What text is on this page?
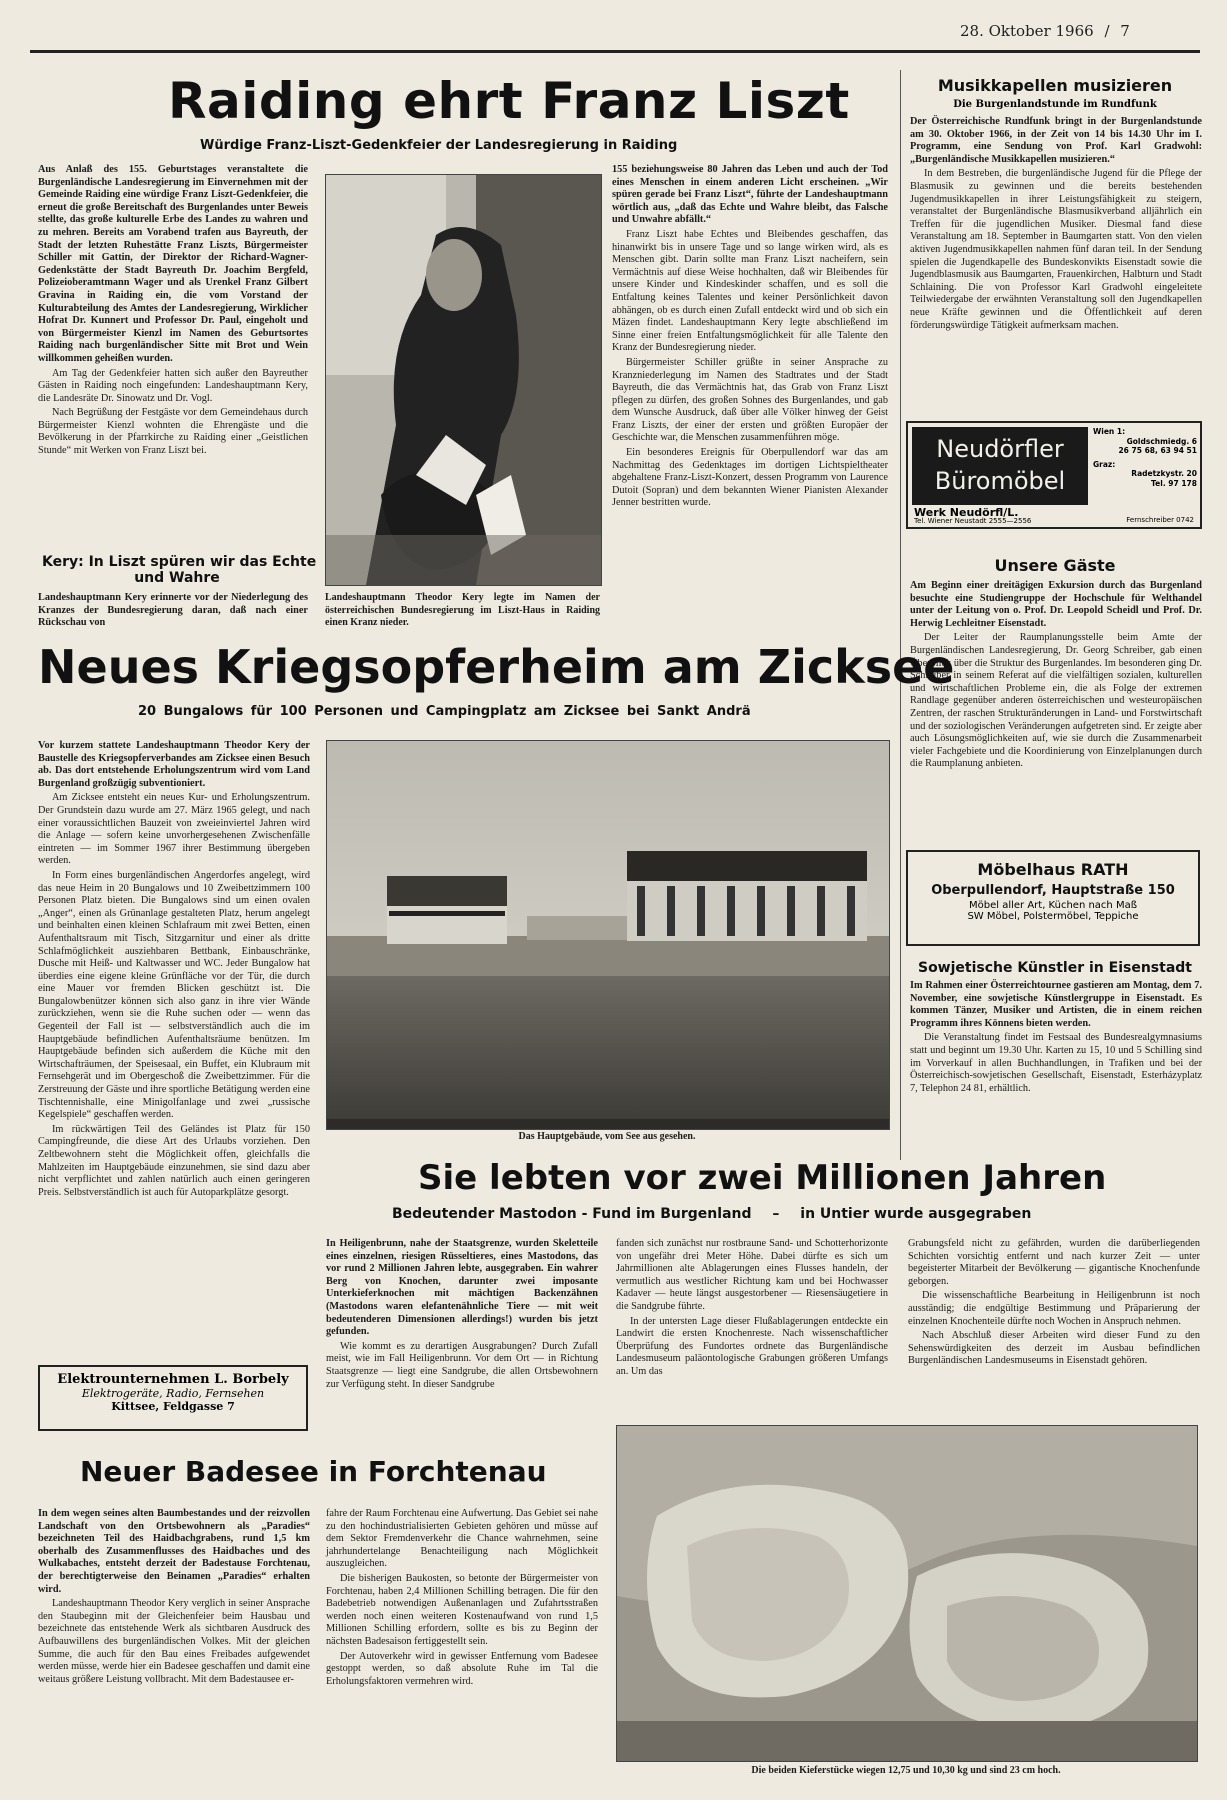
28. Oktober 1966 / 7
Raiding ehrt Franz Liszt
Würdige Franz-Liszt-Gedenkfeier der Landesregierung in Raiding

Aus Anlaß des 155. Geburtstages veranstaltete die Burgenländische Landesregierung im Einvernehmen mit der Gemeinde Raiding eine würdige Franz Liszt-Gedenkfeier, die erneut die große Bereitschaft des Burgenlandes unter Beweis stellte, das große kulturelle Erbe des Landes zu wahren und zu mehren. Bereits am Vorabend trafen aus Bayreuth, der Stadt der letzten Ruhestätte Franz Liszts, Bürgermeister Schiller mit Gattin, der Direktor der Richard-Wagner-Gedenkstätte der Stadt Bayreuth Dr. Joachim Bergfeld, Polizeioberamtmann Wager und als Urenkel Franz Gilbert Gravina in Raiding ein, die vom Vorstand der Kulturabteilung des Amtes der Landesregierung, Wirklicher Hofrat Dr. Kunnert und Professor Dr. Paul, eingeholt und von Bürgermeister Kienzl im Namen des Geburtsortes Raiding nach burgenländischer Sitte mit Brot und Wein willkommen geheißen wurden.

Am Tag der Gedenkfeier hatten sich außer den Bayreuther Gästen in Raiding noch eingefunden: Landeshauptmann Kery, die Landesräte Dr. Sinowatz und Dr. Vogl.

Nach Begrüßung der Festgäste vor dem Gemeindehaus durch Bürgermeister Kienzl wohnten die Ehrengäste und die Bevölkerung in der Pfarrkirche zu Raiding einer „Geistlichen Stunde“ mit Werken von Franz Liszt bei.

Kery: In Liszt spüren wir das Echte
und Wahre

Landeshauptmann Kery erinnerte vor der Niederlegung des Kranzes der Bundesregierung daran, daß nach einer Rückschau von

Landeshauptmann Theodor Kery legte im Namen der österreichischen Bundesregierung im Liszt-Haus in Raiding einen Kranz nieder.

155 beziehungsweise 80 Jahren das Leben und auch der Tod eines Menschen in einem anderen Licht erscheinen. „Wir spüren gerade bei Franz Liszt“, führte der Landeshauptmann wörtlich aus, „daß das Echte und Wahre bleibt, das Falsche und Unwahre abfällt.“

Franz Liszt habe Echtes und Bleibendes geschaffen, das hinanwirkt bis in unsere Tage und so lange wirken wird, als es Menschen gibt. Darin sollte man Franz Liszt nacheifern, sein Vermächtnis auf diese Weise hochhalten, daß wir Bleibendes für unsere Kinder und Kindeskinder schaffen, und es soll die Entfaltung keines Talentes und keiner Persönlichkeit davon abhängen, ob es durch einen Zufall entdeckt wird und ob sich ein Mäzen findet. Landeshauptmann Kery legte abschließend im Sinne einer freien Entfaltungsmöglichkeit für alle Talente den Kranz der Bundesregierung nieder.

Bürgermeister Schiller grüßte in seiner Ansprache zu Kranzniederlegung im Namen des Stadtrates und der Stadt Bayreuth, die das Vermächtnis hat, das Grab von Franz Liszt pflegen zu dürfen, des großen Sohnes des Burgenlandes, und gab dem Wunsche Ausdruck, daß über alle Völker hinweg der Geist Franz Liszts, der einer der ersten und größten Europäer der Geschichte war, die Menschen zusammenführen möge.

Ein besonderes Ereignis für Oberpullendorf war das am Nachmittag des Gedenktages im dortigen Lichtspieltheater abgehaltene Franz-Liszt-Konzert, dessen Programm von Laurence Dutoit (Sopran) und dem bekannten Wiener Pianisten Alexander Jenner bestritten wurde.

Musikkapellen musizieren
Die Burgenlandstunde im Rundfunk

Der Österreichische Rundfunk bringt in der Burgenlandstunde am 30. Oktober 1966, in der Zeit von 14 bis 14.30 Uhr im I. Programm, eine Sendung von Prof. Karl Gradwohl: „Burgenländische Musikkapellen musizieren.“

In dem Bestreben, die burgenländische Jugend für die Pflege der Blasmusik zu gewinnen und die bereits bestehenden Jugendmusikkapellen in ihrer Leistungsfähigkeit zu steigern, veranstaltet der Burgenländische Blasmusikverband alljährlich ein Treffen für die jugendlichen Musiker. Diesmal fand diese Veranstaltung am 18. September in Baumgarten statt. Von den vielen aktiven Jugendmusikkapellen nahmen fünf daran teil. In der Sendung spielen die Jugendkapelle des Bundeskonvikts Eisenstadt sowie die Jugendblasmusik aus Baumgarten, Frauenkirchen, Halbturn und Stadt Schlaining. Die von Professor Karl Gradwohl eingeleitete Teilwiedergabe der erwähnten Veranstaltung soll den Jugendkapellen neue Kräfte gewinnen und die Öffentlichkeit auf deren förderungswürdige Tätigkeit aufmerksam machen.

Neudörfler
Büromöbel
Wien 1:
Goldschmiedg. 6
26 75 68, 63 94 51
Graz:
Radetzkystr. 20
Tel. 97 178
Werk Neudörfl/L.
Tel. Wiener Neustadt 2555—2556	Fernschreiber 0742
Unsere Gäste

Am Beginn einer dreitägigen Exkursion durch das Burgenland besuchte eine Studiengruppe der Hochschule für Welthandel unter der Leitung von o. Prof. Dr. Leopold Scheidl und Prof. Dr. Herwig Lechleitner Eisenstadt.

Der Leiter der Raumplanungsstelle beim Amte der Burgenländischen Landesregierung, Dr. Georg Schreiber, gab einen Überblick über die Struktur des Burgenlandes. Im besonderen ging Dr. Schreiber in seinem Referat auf die vielfältigen sozialen, kulturellen und wirtschaftlichen Probleme ein, die als Folge der extremen Randlage gegenüber anderen österreichischen und westeuropäischen Zentren, der raschen Strukturänderungen in Land- und Forstwirtschaft und der soziologischen Veränderungen aufgetreten sind. Er zeigte aber auch Lösungsmöglichkeiten auf, wie sie durch die Zusammenarbeit vieler Fachgebiete und die Koordinierung von Einzelplanungen durch die Raumplanung anbieten.

Möbelhaus RATH
Oberpullendorf, Hauptstraße 150
Möbel aller Art, Küchen nach Maß
SW Möbel, Polstermöbel, Teppiche
Sowjetische Künstler in Eisenstadt

Im Rahmen einer Österreichtournee gastieren am Montag, dem 7. November, eine sowjetische Künstlergruppe in Eisenstadt. Es kommen Tänzer, Musiker und Artisten, die in einem reichen Programm ihres Könnens bieten werden.

Die Veranstaltung findet im Festsaal des Bundesrealgymnasiums statt und beginnt um 19.30 Uhr. Karten zu 15, 10 und 5 Schilling sind im Vorverkauf in allen Buchhandlungen, in Trafiken und bei der Österreichisch-sowjetischen Gesellschaft, Eisenstadt, Esterházyplatz 7, Telephon 24 81, erhältlich.

Neues Kriegsopferheim am Zicksee
20 Bungalows für 100 Personen und Campingplatz am Zicksee bei Sankt Andrä

Vor kurzem stattete Landeshauptmann Theodor Kery der Baustelle des Kriegsopferverbandes am Zicksee einen Besuch ab. Das dort entstehende Erholungszentrum wird vom Land Burgenland großzügig subventioniert.

Am Zicksee entsteht ein neues Kur- und Erholungszentrum. Der Grundstein dazu wurde am 27. März 1965 gelegt, und nach einer voraussichtlichen Bauzeit von zweieinviertel Jahren wird die Anlage — sofern keine unvorhergesehenen Zwischenfälle eintreten — im Sommer 1967 ihrer Bestimmung übergeben werden.

In Form eines burgenländischen Angerdorfes angelegt, wird das neue Heim in 20 Bungalows und 10 Zweibettzimmern 100 Personen Platz bieten. Die Bungalows sind um einen ovalen „Anger“, einen als Grünanlage gestalteten Platz, herum angelegt und beinhalten einen kleinen Schlafraum mit zwei Betten, einen Aufenthaltsraum mit Tisch, Sitzgarnitur und einer als dritte Schlafmöglichkeit ausziehbaren Bettbank, Einbauschränke, Dusche mit Heiß- und Kaltwasser und WC. Jeder Bungalow hat überdies eine eigene kleine Grünfläche vor der Tür, die durch eine Mauer vor fremden Blicken geschützt ist. Die Bungalowbenützer können sich also ganz in ihre vier Wände zurückziehen, wenn sie die Ruhe suchen oder — wenn das Gegenteil der Fall ist — selbstverständlich auch die im Hauptgebäude befindlichen Aufenthaltsräume benützen. Im Hauptgebäude befinden sich außerdem die Küche mit den Wirtschafträumen, der Speisesaal, ein Buffet, ein Klubraum mit Fernsehgerät und im Obergeschoß die Zweibettzimmer. Für die Zerstreuung der Gäste und ihre sportliche Betätigung werden eine Tischtennishalle, eine Minigolfanlage und zwei „russische Kegelspiele“ geschaffen werden.

Im rückwärtigen Teil des Geländes ist Platz für 150 Campingfreunde, die diese Art des Urlaubs vorziehen. Den Zeltbewohnern steht die Möglichkeit offen, gleichfalls die Mahlzeiten im Hauptgebäude einzunehmen, sie sind dazu aber nicht verpflichtet und zahlen natürlich auch einen geringeren Preis. Selbstverständlich ist auch für Autoparkplätze gesorgt.

Das Hauptgebäude, vom See aus gesehen.
Sie lebten vor zwei Millionen Jahren
Bedeutender Mastodon - Fund im Burgenland – in Untier wurde ausgegraben

In Heiligenbrunn, nahe der Staatsgrenze, wurden Skeletteile eines einzelnen, riesigen Rüsseltieres, eines Mastodons, das vor rund 2 Millionen Jahren lebte, ausgegraben. Ein wahrer Berg von Knochen, darunter zwei imposante Unterkieferknochen mit mächtigen Backenzähnen (Mastodons waren elefantenähnliche Tiere — mit weit bedeutenderen Dimensionen allerdings!) wurden bis jetzt gefunden.

Wie kommt es zu derartigen Ausgrabungen? Durch Zufall meist, wie im Fall Heiligenbrunn. Vor dem Ort — in Richtung Staatsgrenze — liegt eine Sandgrube, die allen Ortsbewohnern zur Verfügung steht. In dieser Sandgrube

fanden sich zunächst nur rostbraune Sand- und Schotterhorizonte von ungefähr drei Meter Höhe. Dabei dürfte es sich um Jahrmillionen alte Ablagerungen eines Flusses handeln, der vermutlich aus westlicher Richtung kam und bei Hochwasser Kadaver — heute längst ausgestorbener — Riesensäugetiere in die Sandgrube führte.

In der untersten Lage dieser Flußablagerungen entdeckte ein Landwirt die ersten Knochenreste. Nach wissenschaftlicher Überprüfung des Fundortes ordnete das Burgenländische Landesmuseum paläontologische Grabungen größeren Umfangs an. Um das

Grabungsfeld nicht zu gefährden, wurden die darüberliegenden Schichten vorsichtig entfernt und nach kurzer Zeit — unter begeisterter Mitarbeit der Bevölkerung — gigantische Knochenfunde geborgen.

Die wissenschaftliche Bearbeitung in Heiligenbrunn ist noch ausständig; die endgültige Bestimmung und Präparierung der einzelnen Knochenteile dürfte noch Wochen in Anspruch nehmen.

Nach Abschluß dieser Arbeiten wird dieser Fund zu den Sehenswürdigkeiten des derzeit im Ausbau befindlichen Burgenländischen Landesmuseums in Eisenstadt gehören.

Elektrounternehmen L. Borbely
Elektrogeräte, Radio, Fernsehen
Kittsee, Feldgasse 7
Neuer Badesee in Forchtenau

In dem wegen seines alten Baumbestandes und der reizvollen Landschaft von den Ortsbewohnern als „Paradies“ bezeichneten Teil des Haidbachgrabens, rund 1,5 km oberhalb des Zusammenflusses des Haidbaches und des Wulkabaches, entsteht derzeit der Badestause Forchtenau, der berechtigterweise den Beinamen „Paradies“ erhalten wird.

Landeshauptmann Theodor Kery verglich in seiner Ansprache den Staubeginn mit der Gleichenfeier beim Hausbau und bezeichnete das entstehende Werk als sichtbaren Ausdruck des Aufbauwillens des burgenländischen Volkes. Mit der gleichen Summe, die auch für den Bau eines Freibades aufgewendet werden müsse, werde hier ein Badesee geschaffen und damit eine weitaus größere Leistung vollbracht. Mit dem Badestausee er-

fahre der Raum Forchtenau eine Aufwertung. Das Gebiet sei nahe zu den hochindustrialisierten Gebieten gehören und müsse auf dem Sektor Fremdenverkehr die Chance wahrnehmen, seine jahrhundertelange Benachteiligung nach Möglichkeit auszugleichen.

Die bisherigen Baukosten, so betonte der Bürgermeister von Forchtenau, haben 2,4 Millionen Schilling betragen. Die für den Badebetrieb notwendigen Außenanlagen und Zufahrtsstraßen werden noch einen weiteren Kostenaufwand von rund 1,5 Millionen Schilling erfordern, sollte es bis zu Beginn der nächsten Badesaison fertiggestellt sein.

Der Autoverkehr wird in gewisser Entfernung vom Badesee gestoppt werden, so daß absolute Ruhe im Tal die Erholungsfaktoren vermehren wird.

Die beiden Kieferstücke wiegen 12,75 und 10,30 kg und sind 23 cm hoch.
